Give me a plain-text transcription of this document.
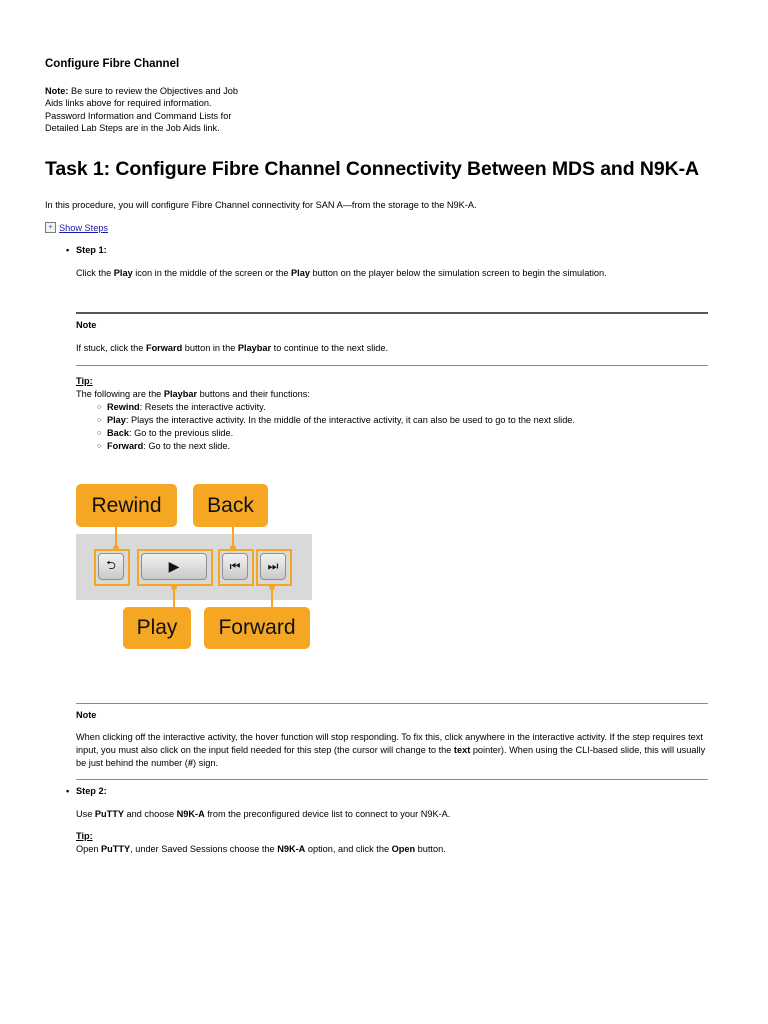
Configure Fibre Channel
Note: Be sure to review the Objectives and Job Aids links above for required information. Password Information and Command Lists for Detailed Lab Steps are in the Job Aids link.
Task 1: Configure Fibre Channel Connectivity Between MDS and N9K-A
In this procedure, you will configure Fibre Channel connectivity for SAN A—from the storage to the N9K-A.
+ Show Steps
• Step 1:
Click the Play icon in the middle of the screen or the Play button on the player below the simulation screen to begin the simulation.
Note
If stuck, click the Forward button in the Playbar to continue to the next slide.
Tip:
The following are the Playbar buttons and their functions:
○ Rewind: Resets the interactive activity.
○ Play: Plays the interactive activity. In the middle of the interactive activity, it can also be used to go to the next slide.
○ Back: Go to the previous slide.
○ Forward: Go to the next slide.
Rewind	Back
⮌	▶	⏮ ⏭
Play	Forward
Note
When clicking off the interactive activity, the hover function will stop responding. To fix this, click anywhere in the interactive activity. If the step requires text input, you must also click on the input field needed for this step (the cursor will change to the text pointer). When using the CLI-based slide, this will usually be just behind the number (#) sign.
• Step 2:
Use PuTTY and choose N9K-A from the preconfigured device list to connect to your N9K-A.
Tip:
Open PuTTY, under Saved Sessions choose the N9K-A option, and click the Open button.
